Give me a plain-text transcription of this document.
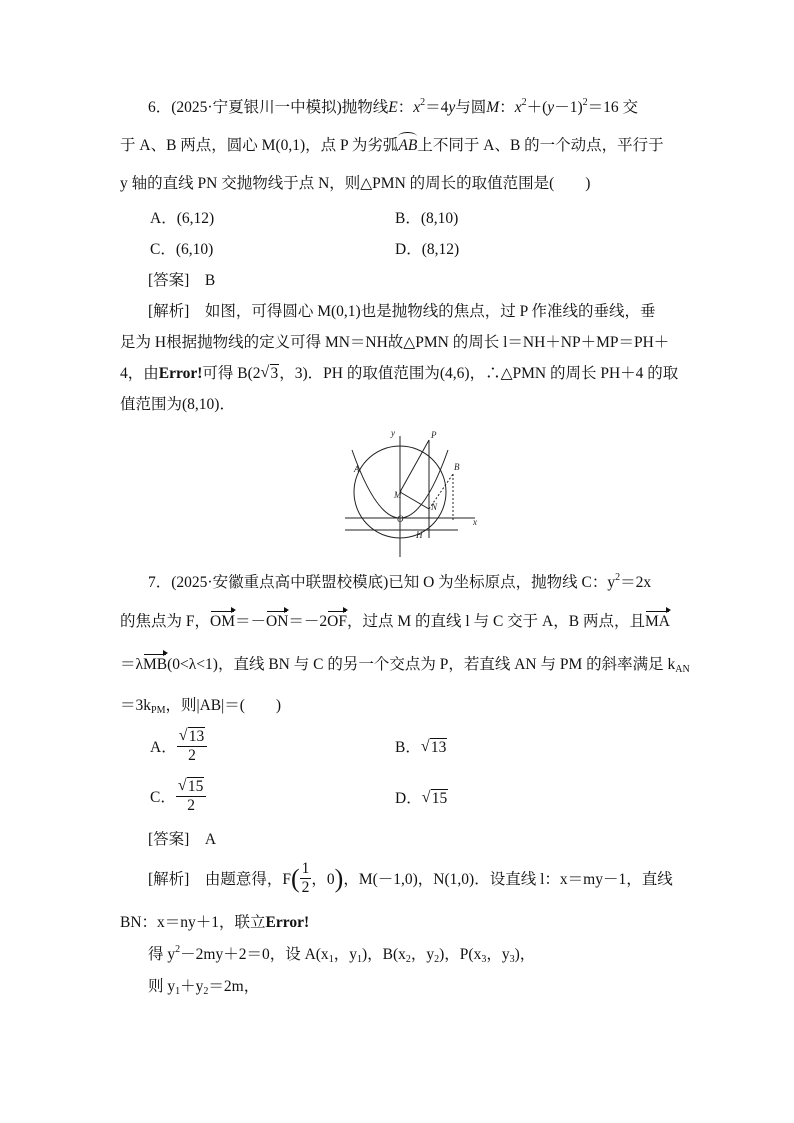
6．(2025·宁夏银川一中模拟)抛物线E：$x^2=4y$与圆M：$x^2+(y-1)^2=16$ 交
于 A、B 两点，圆心 M(0,1)，点 P 为劣弧AB上不同于 A、B 的一个动点，平行于
y 轴的直线 PN 交抛物线于点 N，则△PMN 的周长的取值范围是(　　)
A．(6,12)	B．(8,10)
C．(6,10)	D．(8,12)
[答案]　 B
[解析]　 如图，可得圆心 M(0,1)也是抛物线的焦点，过 P 作准线的垂线，垂
足为 H根据抛物线的定义可得 MN＝NH故△PMN 的周长 l＝NH＋NP＋MP＝PH＋
4，由Error!可得 B(2 √ 3，3)．PH 的取值范围为(4,6)，∴△PMN 的周长 PH＋4 的取
值范围为(8,10)．
y
x
P
A	B
M
N
O
H
7．(2025·安徽重点高中联盟校模底)已知 O 为坐标原点，抛物线 C：$y^2=2x$
的焦点为 F，OM＝－ON＝－2OF，过点 M 的直线 l 与 C 交于 A，B 两点，且MA
＝λMB(0<λ<1)，直线 BN 与 C 的另一个交点为 P，若直线 AN 与 PM 的斜率满足 $k_{AN}$
$=3k_{PM}$，则|AB|＝(　　)
A． $\frac{√ 13}{2}$	B． √ 13
C． $\frac{√ 15}{2}$	D． √ 15
[答案]　 A
[解析]　 由题意得，$F( \frac{1}{2}$ ，0)，M(－1,0)，N(1,0)．设直线 l：x＝my－1，直线
BN：x＝ny＋1，联立Error!
得 $y^2-2my+2=0$，设 $A(x_1$，$y_1$)，$B(x_2$，$y_2$)，$P(x_3$，$y_3$)，
则 $y_1+y_2=2m$，
